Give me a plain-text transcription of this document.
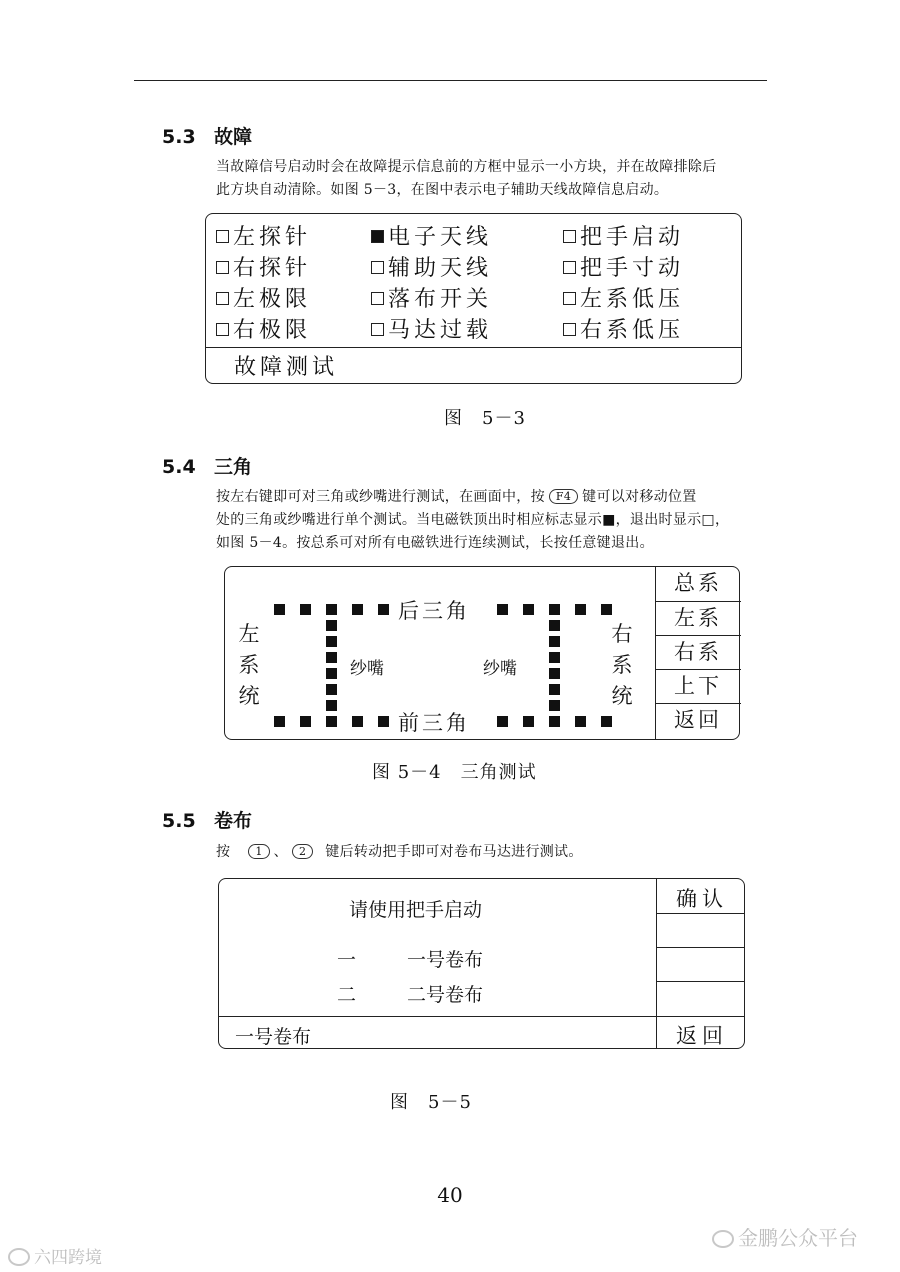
5.3 故障
当故障信号启动时会在故障提示信息前的方框中显示一小方块，并在故障排除后
此方块自动清除。如图 5－3，在图中表示电子辅助天线故障信息启动。
左探针	电子天线	把手启动
右探针	辅助天线	把手寸动
左极限	落布开关	左系低压
右极限	马达过载	右系低压
故障测试
图　5－3
5.4 三角
按左右键即可对三角或纱嘴进行测试，在画面中，按 F4 键可以对移动位置
处的三角或纱嘴进行单个测试。当电磁铁顶出时相应标志显示■，退出时显示□，
如图 5－4。按总系可对所有电磁铁进行连续测试，长按任意键退出。
后三角
前三角
左
系
统
右
系
统
纱嘴	纱嘴
总系
左系
右系
上下
返回
图 5－4　三角测试
5.5 卷布
按 1 、 2 键后转动把手即可对卷布马达进行测试。
请使用把手启动
一	一号卷布
二	二号卷布
一号卷布
确认
返回
图　5－5
40
六四跨境
金鹏公众平台
